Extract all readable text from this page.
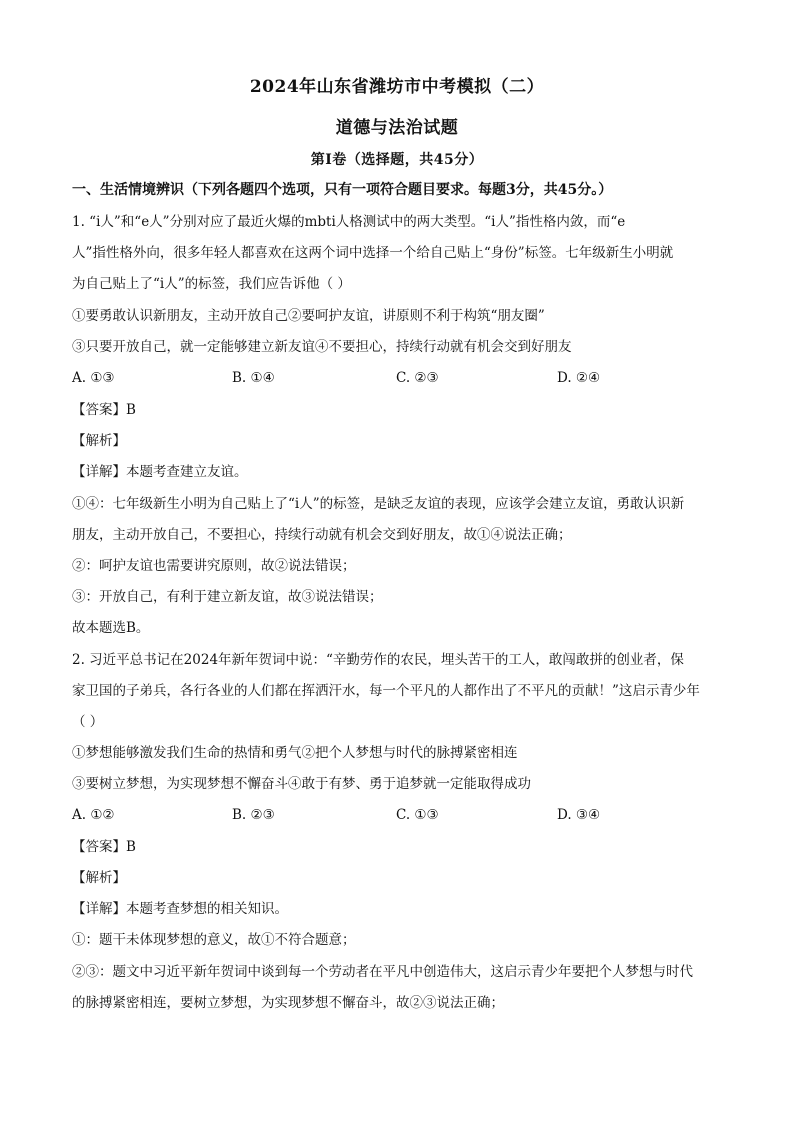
2024年山东省潍坊市中考模拟（二）
道德与法治试题
第Ⅰ卷（选择题，共45分）
一、生活情境辨识（下列各题四个选项，只有一项符合题目要求。每题3分，共45分。）
1. “i人”和“e人”分别对应了最近火爆的mbti人格测试中的两大类型。“i人”指性格内敛，而“e
人”指性格外向，很多年轻人都喜欢在这两个词中选择一个给自己贴上“身份”标签。七年级新生小明就
为自己贴上了“i人”的标签，我们应告诉他（ ）
①要勇敢认识新朋友，主动开放自己②要呵护友谊，讲原则不利于构筑“朋友圈”
③只要开放自己，就一定能够建立新友谊④不要担心，持续行动就有机会交到好朋友
A. ①③	B. ①④	C. ②③	D. ②④
【答案】B
【解析】
【详解】本题考查建立友谊。
①④：七年级新生小明为自己贴上了“i人”的标签，是缺乏友谊的表现，应该学会建立友谊，勇敢认识新
朋友，主动开放自己，不要担心，持续行动就有机会交到好朋友，故①④说法正确；
②：呵护友谊也需要讲究原则，故②说法错误；
③：开放自己，有利于建立新友谊，故③说法错误；
故本题选B。
2. 习近平总书记在2024年新年贺词中说：“辛勤劳作的农民，埋头苦干的工人，敢闯敢拼的创业者，保
家卫国的子弟兵，各行各业的人们都在挥洒汗水，每一个平凡的人都作出了不平凡的贡献！”这启示青少年
（ ）
①梦想能够激发我们生命的热情和勇气②把个人梦想与时代的脉搏紧密相连
③要树立梦想，为实现梦想不懈奋斗④敢于有梦、勇于追梦就一定能取得成功
A. ①②	B. ②③	C. ①③	D. ③④
【答案】B
【解析】
【详解】本题考查梦想的相关知识。
①：题干未体现梦想的意义，故①不符合题意；
②③：题文中习近平新年贺词中谈到每一个劳动者在平凡中创造伟大，这启示青少年要把个人梦想与时代
的脉搏紧密相连，要树立梦想，为实现梦想不懈奋斗，故②③说法正确；
